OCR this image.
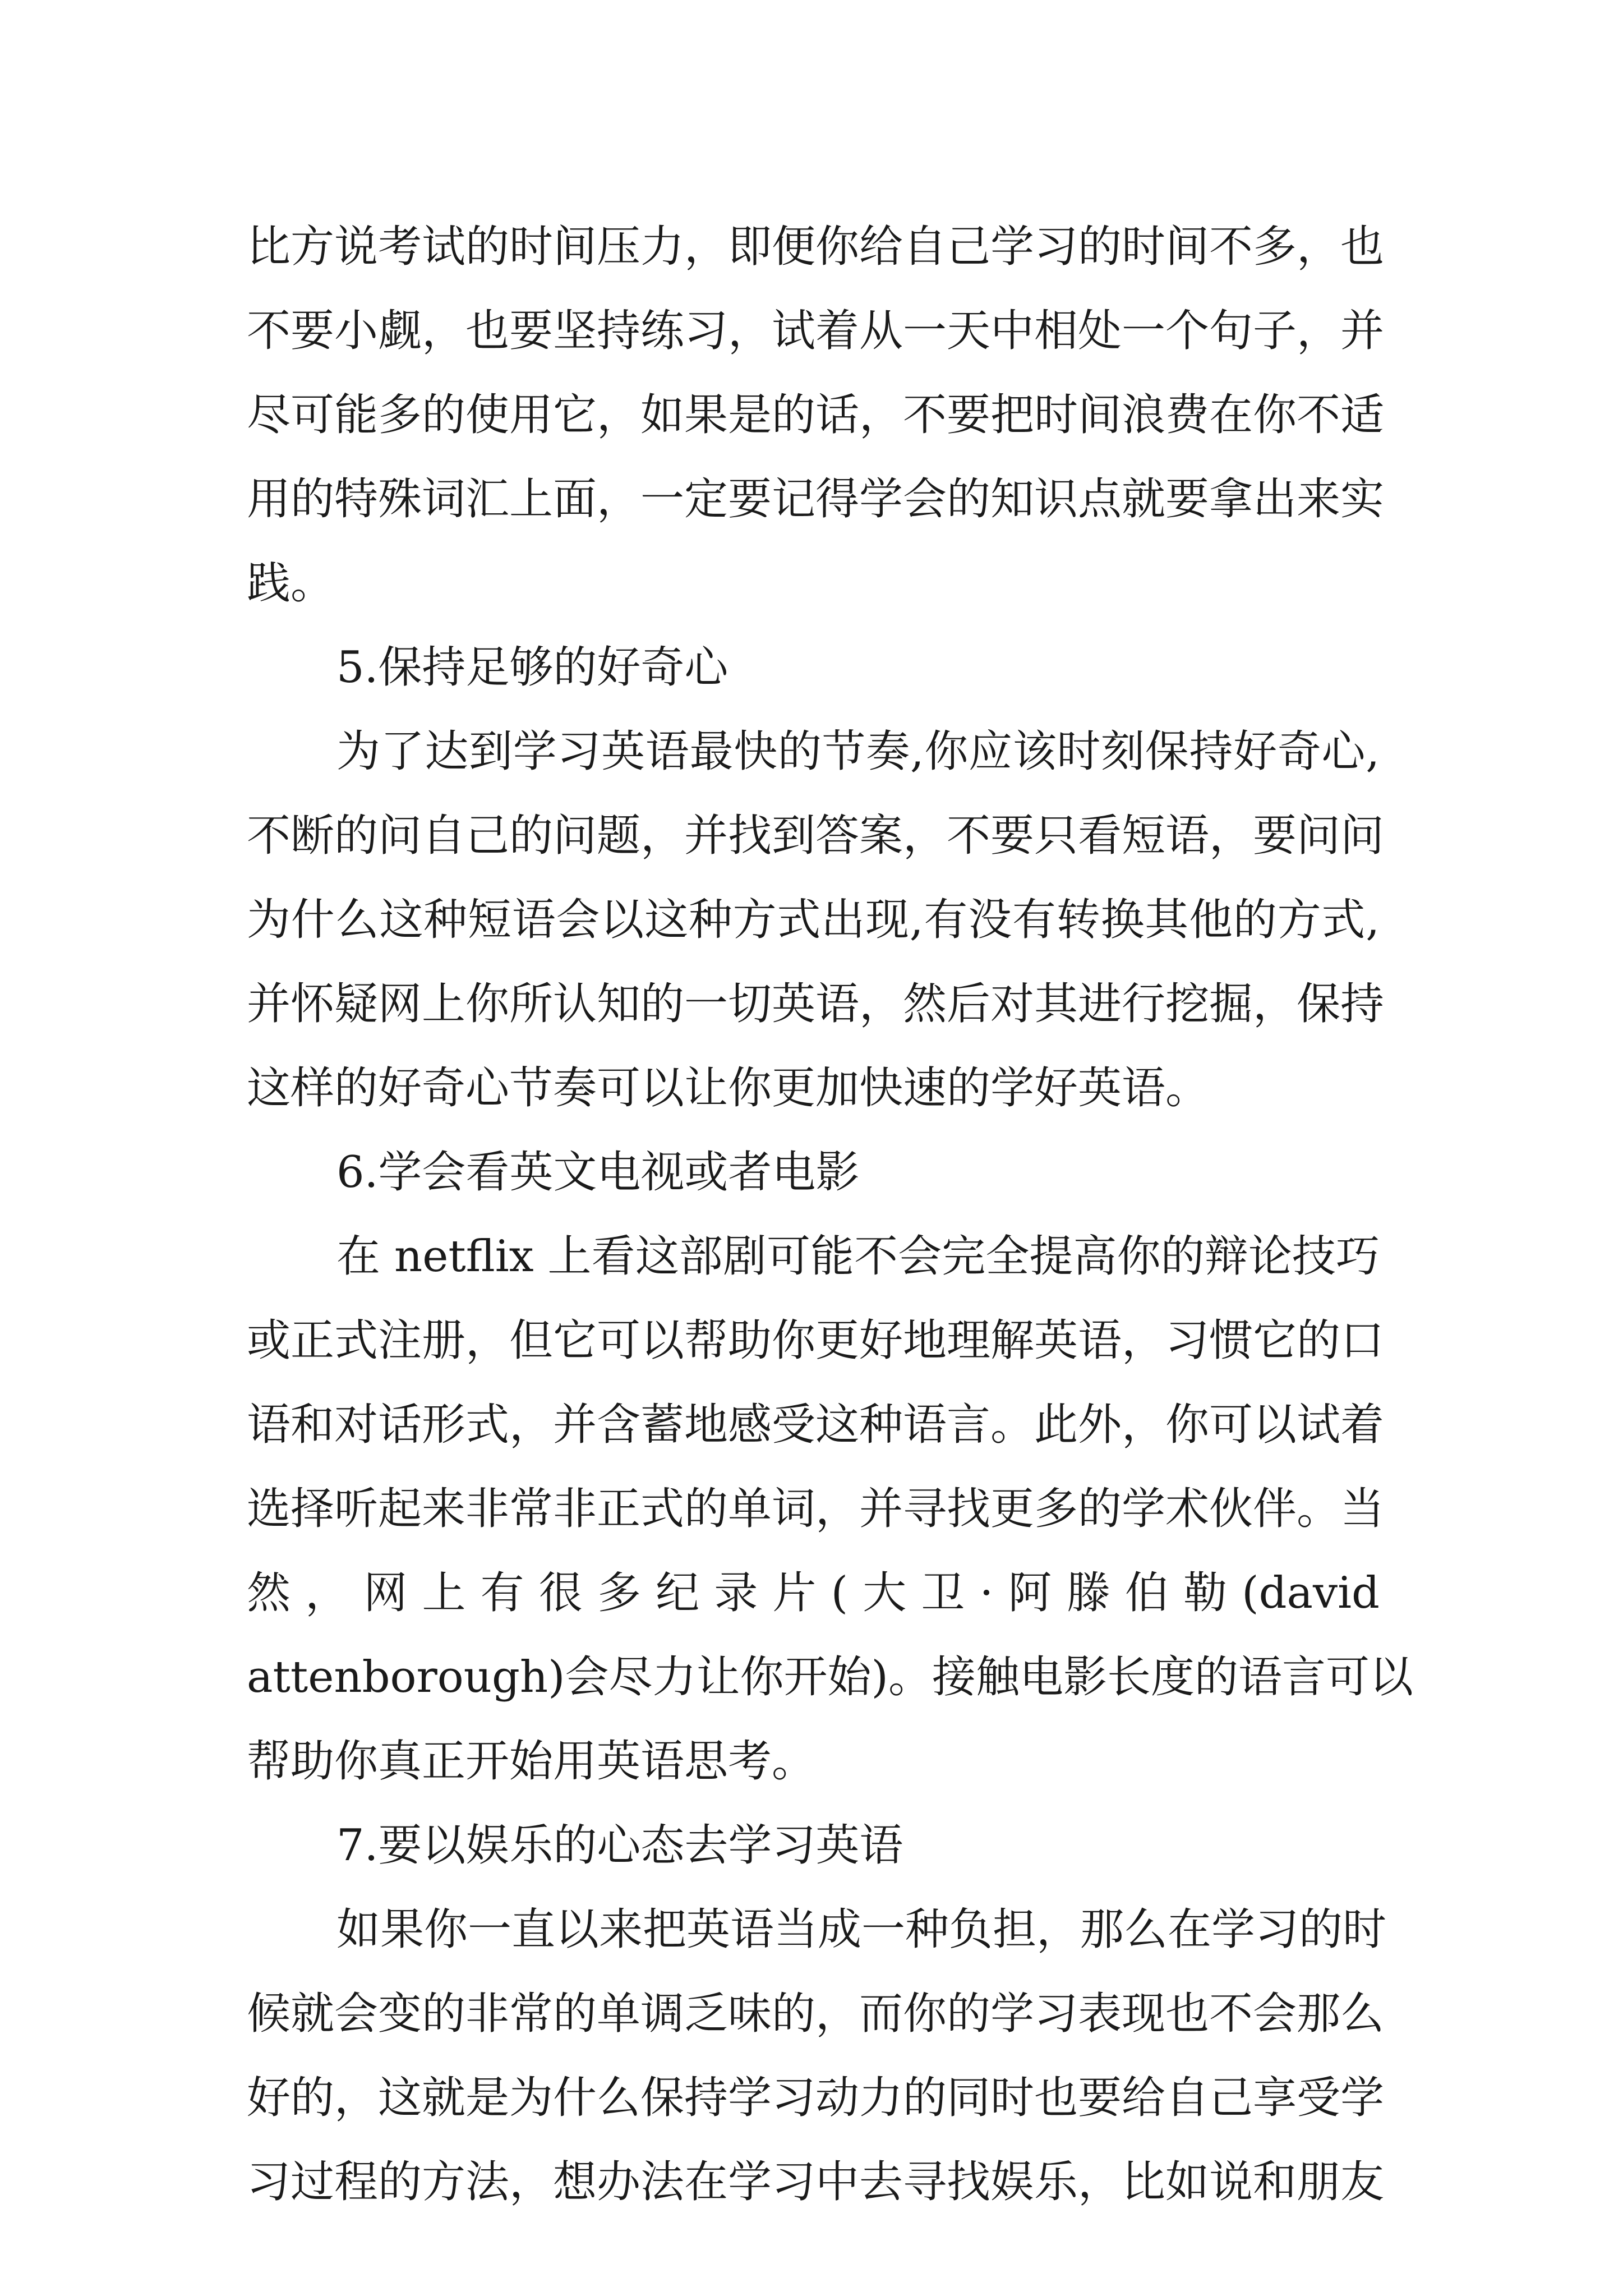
比方说考试的时间压力，即便你给自己学习的时间不多，也
不要小觑，也要坚持练习，试着从一天中相处一个句子，并
尽可能多的使用它，如果是的话，不要把时间浪费在你不适
用的特殊词汇上面，一定要记得学会的知识点就要拿出来实
践。
5.保持足够的好奇心
为了达到学习英语最快的节奏,你应该时刻保持好奇心,
不断的问自己的问题，并找到答案，不要只看短语，要问问
为什么这种短语会以这种方式出现,有没有转换其他的方式,
并怀疑网上你所认知的一切英语，然后对其进行挖掘，保持
这样的好奇心节奏可以让你更加快速的学好英语。
6.学会看英文电视或者电影
在 netflix 上看这部剧可能不会完全提高你的辩论技巧
或正式注册，但它可以帮助你更好地理解英语，习惯它的口
语和对话形式，并含蓄地感受这种语言。此外，你可以试着
选择听起来非常非正式的单词，并寻找更多的学术伙伴。当
然，网上有很多纪录片(大卫·阿滕伯勒(david
attenborough)会尽力让你开始)。接触电影长度的语言可以
帮助你真正开始用英语思考。
7.要以娱乐的心态去学习英语
如果你一直以来把英语当成一种负担，那么在学习的时
候就会变的非常的单调乏味的，而你的学习表现也不会那么
好的，这就是为什么保持学习动力的同时也要给自己享受学
习过程的方法，想办法在学习中去寻找娱乐，比如说和朋友
